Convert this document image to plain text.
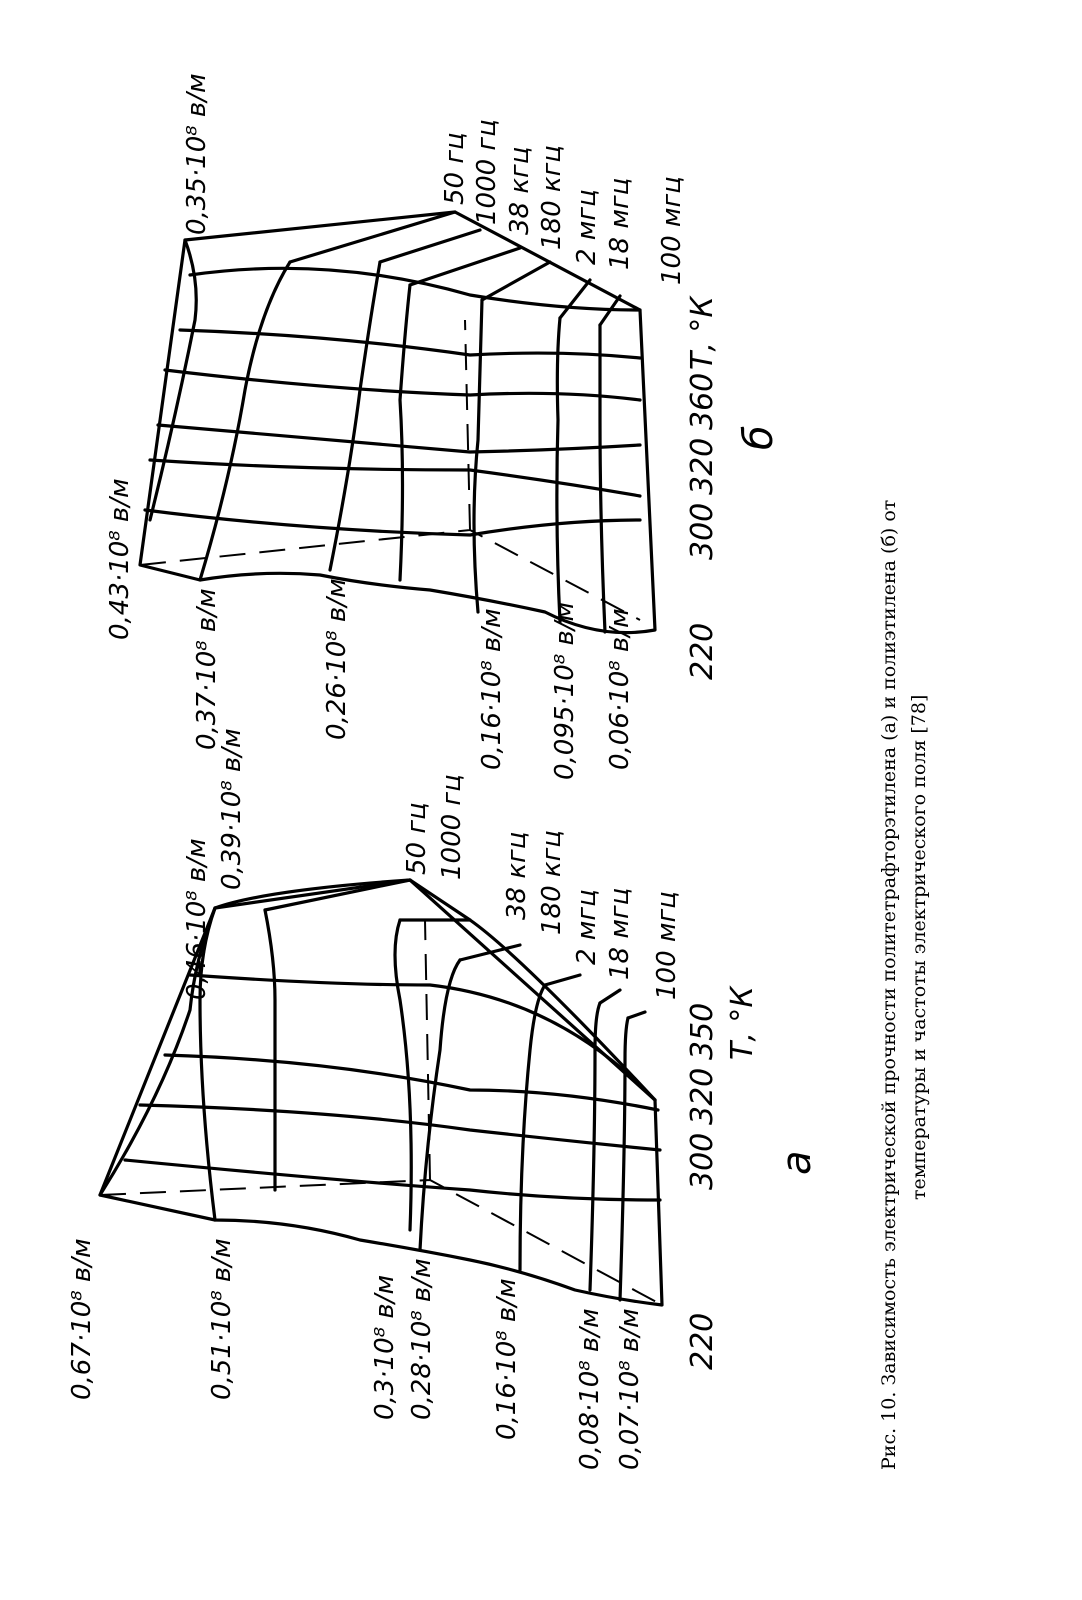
0,43·10⁸ в/м
0,37·10⁸ в/м	0,26·10⁸ в/м	0,16·10⁸ в/м 0,095·10⁸ в/м 0,06·10⁸ в/м
0,35·10⁸ в/м	50 гц 1000 гц 38 кгц 180 кгц 2 мгц 18 мгц 100 мгц
220
300
320
360
Т, °К
б
0,67·10⁸ в/м	0,51·10⁸ в/м	0,3·10⁸ в/м 0,28·10⁸ в/м 0,16·10⁸ в/м 0,08·10⁸ в/м 0,07·10⁸ в/м
0,46·10⁸ в/м
0,39·10⁸ в/м	50 гц 1000 гц 38 кгц 180 кгц 2 мгц 18 мгц 100 мгц
220
300
320
350 Т, °К
а	Рис. 10. Зависимость электрической прочности политетрафторэтилена (а) и полиэтилена (б) от температуры и частоты электрического поля [78]
